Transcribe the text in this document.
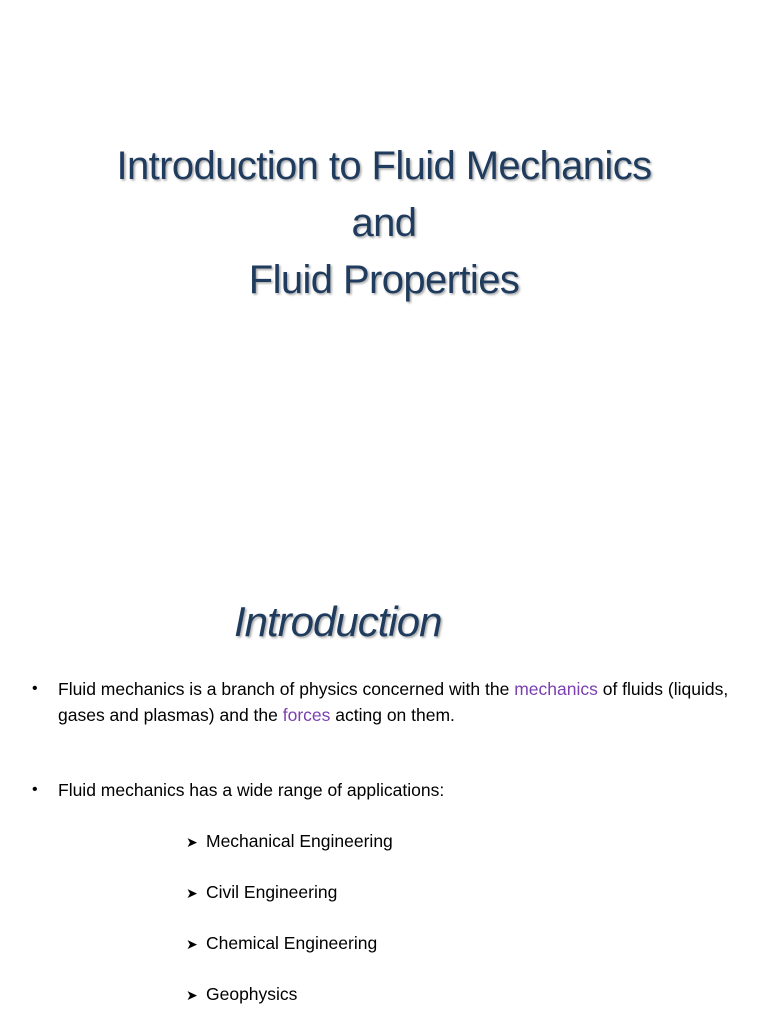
Introduction to Fluid Mechanics
and
Fluid Properties
Introduction
• Fluid mechanics is a branch of physics concerned with the mechanics of fluids (liquids, gases and plasmas) and the forces acting on them.
• Fluid mechanics has a wide range of applications:
➤ Mechanical Engineering
➤ Civil Engineering
➤ Chemical Engineering
➤ Geophysics
